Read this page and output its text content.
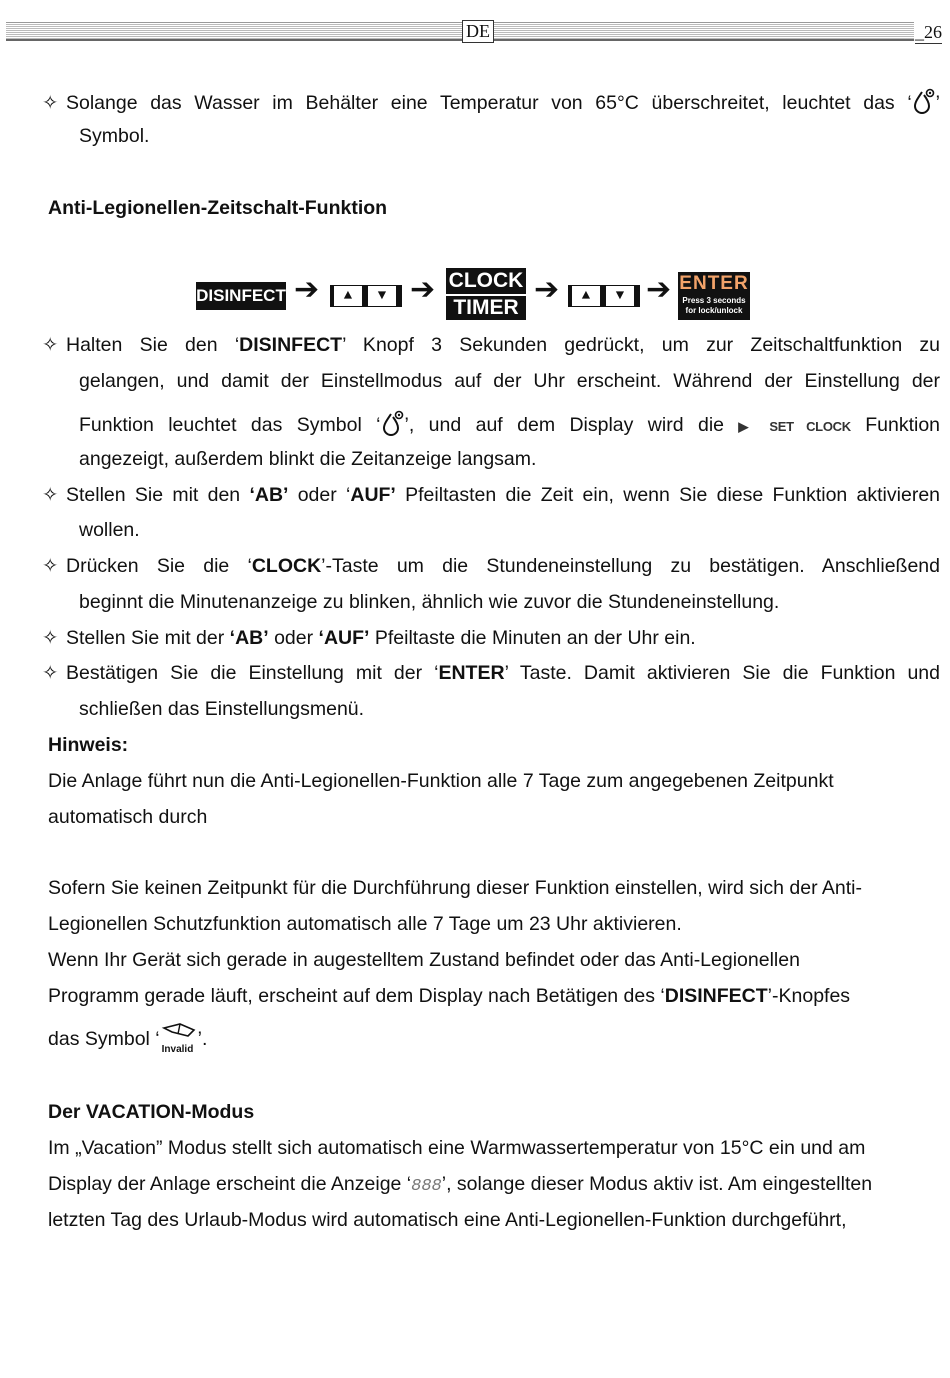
DE	_26
✧ Solange das Wasser im Behälter eine Temperatur von 65°C überschreitet, leuchtet das ‘ ’
Symbol.
Anti-Legionellen-Zeitschalt-Funktion
DISINFECT ➔	▲	▼ ➔ CLOCK
TIMER
➔	▲	▼ ➔ ENTER
Press 3 seconds
for lock/unlock
✧ Halten Sie den ‘DISINFECT’ Knopf 3 Sekunden gedrückt, um zur Zeitschaltfunktion zu
gelangen, und damit der Einstellmodus auf der Uhr erscheint. Während der Einstellung der
Funktion leuchtet das Symbol ‘ ’, und auf dem Display wird die ▶ SET CLOCK Funktion
angezeigt, außerdem blinkt die Zeitanzeige langsam.
✧ Stellen Sie mit den ‘AB’ oder ‘AUF’ Pfeiltasten die Zeit ein, wenn Sie diese Funktion aktivieren
wollen.
✧ Drücken Sie die ‘CLOCK’-Taste um die Stundeneinstellung zu bestätigen. Anschließend
beginnt die Minutenanzeige zu blinken, ähnlich wie zuvor die Stundeneinstellung.
✧ Stellen Sie mit der ‘AB’ oder ‘AUF’ Pfeiltaste die Minuten an der Uhr ein.
✧ Bestätigen Sie die Einstellung mit der ‘ENTER’ Taste. Damit aktivieren Sie die Funktion und
schließen das Einstellungsmenü.
Hinweis:
Die Anlage führt nun die Anti-Legionellen-Funktion alle 7 Tage zum angegebenen Zeitpunkt
automatisch durch
Sofern Sie keinen Zeitpunkt für die Durchführung dieser Funktion einstellen, wird sich der Anti-
Legionellen Schutzfunktion automatisch alle 7 Tage um 23 Uhr aktivieren.
Wenn Ihr Gerät sich gerade in augestelltem Zustand befindet oder das Anti-Legionellen
Programm gerade läuft, erscheint auf dem Display nach Betätigen des ‘DISINFECT’-Knopfes
das Symbol ‘ Invalid ’.
Der VACATION-Modus
Im „Vacation” Modus stellt sich automatisch eine Warmwassertemperatur von 15°C ein und am
Display der Anlage erscheint die Anzeige ‘888’, solange dieser Modus aktiv ist. Am eingestellten
letzten Tag des Urlaub-Modus wird automatisch eine Anti-Legionellen-Funktion durchgeführt,
